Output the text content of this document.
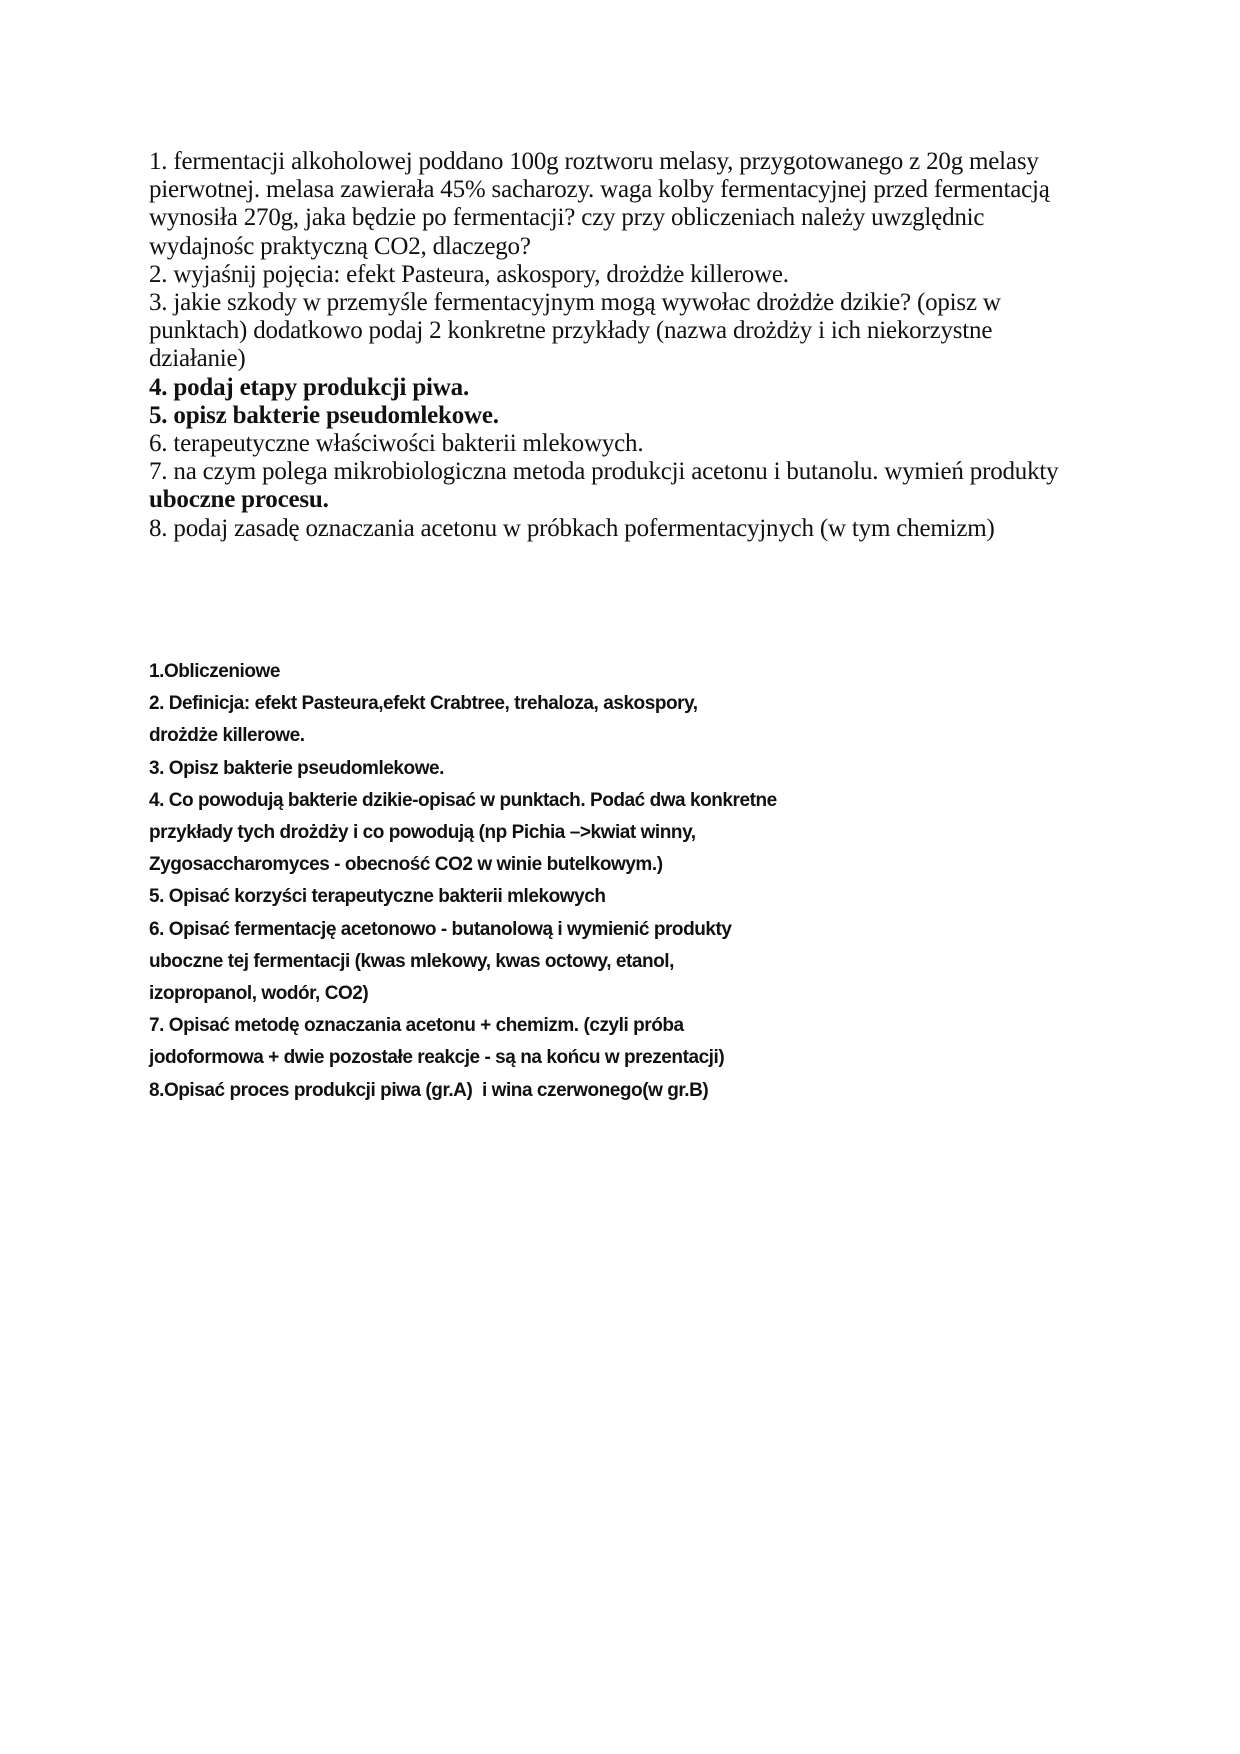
1. fermentacji alkoholowej poddano 100g roztworu melasy, przygotowanego z 20g melasy
pierwotnej. melasa zawierała 45% sacharozy. waga kolby fermentacyjnej przed fermentacją
wynosiła 270g, jaka będzie po fermentacji? czy przy obliczeniach należy uwzględnic
wydajnośc praktyczną CO2, dlaczego?
2. wyjaśnij pojęcia: efekt Pasteura, askospory, drożdże killerowe.
3. jakie szkody w przemyśle fermentacyjnym mogą wywołac drożdże dzikie? (opisz w
punktach) dodatkowo podaj 2 konkretne przykłady (nazwa drożdży i ich niekorzystne
działanie)
4. podaj etapy produkcji piwa.
5. opisz bakterie pseudomlekowe.
6. terapeutyczne właściwości bakterii mlekowych.
7. na czym polega mikrobiologiczna metoda produkcji acetonu i butanolu. wymień produkty
uboczne procesu.
8. podaj zasadę oznaczania acetonu w próbkach pofermentacyjnych (w tym chemizm)
1.Obliczeniowe
2. Definicja: efekt Pasteura,efekt Crabtree, trehaloza, askospory,
drożdże killerowe.
3. Opisz bakterie pseudomlekowe.
4. Co powodują bakterie dzikie-opisać w punktach. Podać dwa konkretne
przykłady tych drożdży i co powodują (np Pichia –>kwiat winny,
Zygosaccharomyces - obecność CO2 w winie butelkowym.)
5. Opisać korzyści terapeutyczne bakterii mlekowych
6. Opisać fermentację acetonowo - butanolową i wymienić produkty
uboczne tej fermentacji (kwas mlekowy, kwas octowy, etanol,
izopropanol, wodór, CO2)
7. Opisać metodę oznaczania acetonu + chemizm. (czyli próba
jodoformowa + dwie pozostałe reakcje - są na końcu w prezentacji)
8.Opisać proces produkcji piwa (gr.A)  i wina czerwonego(w gr.B)
